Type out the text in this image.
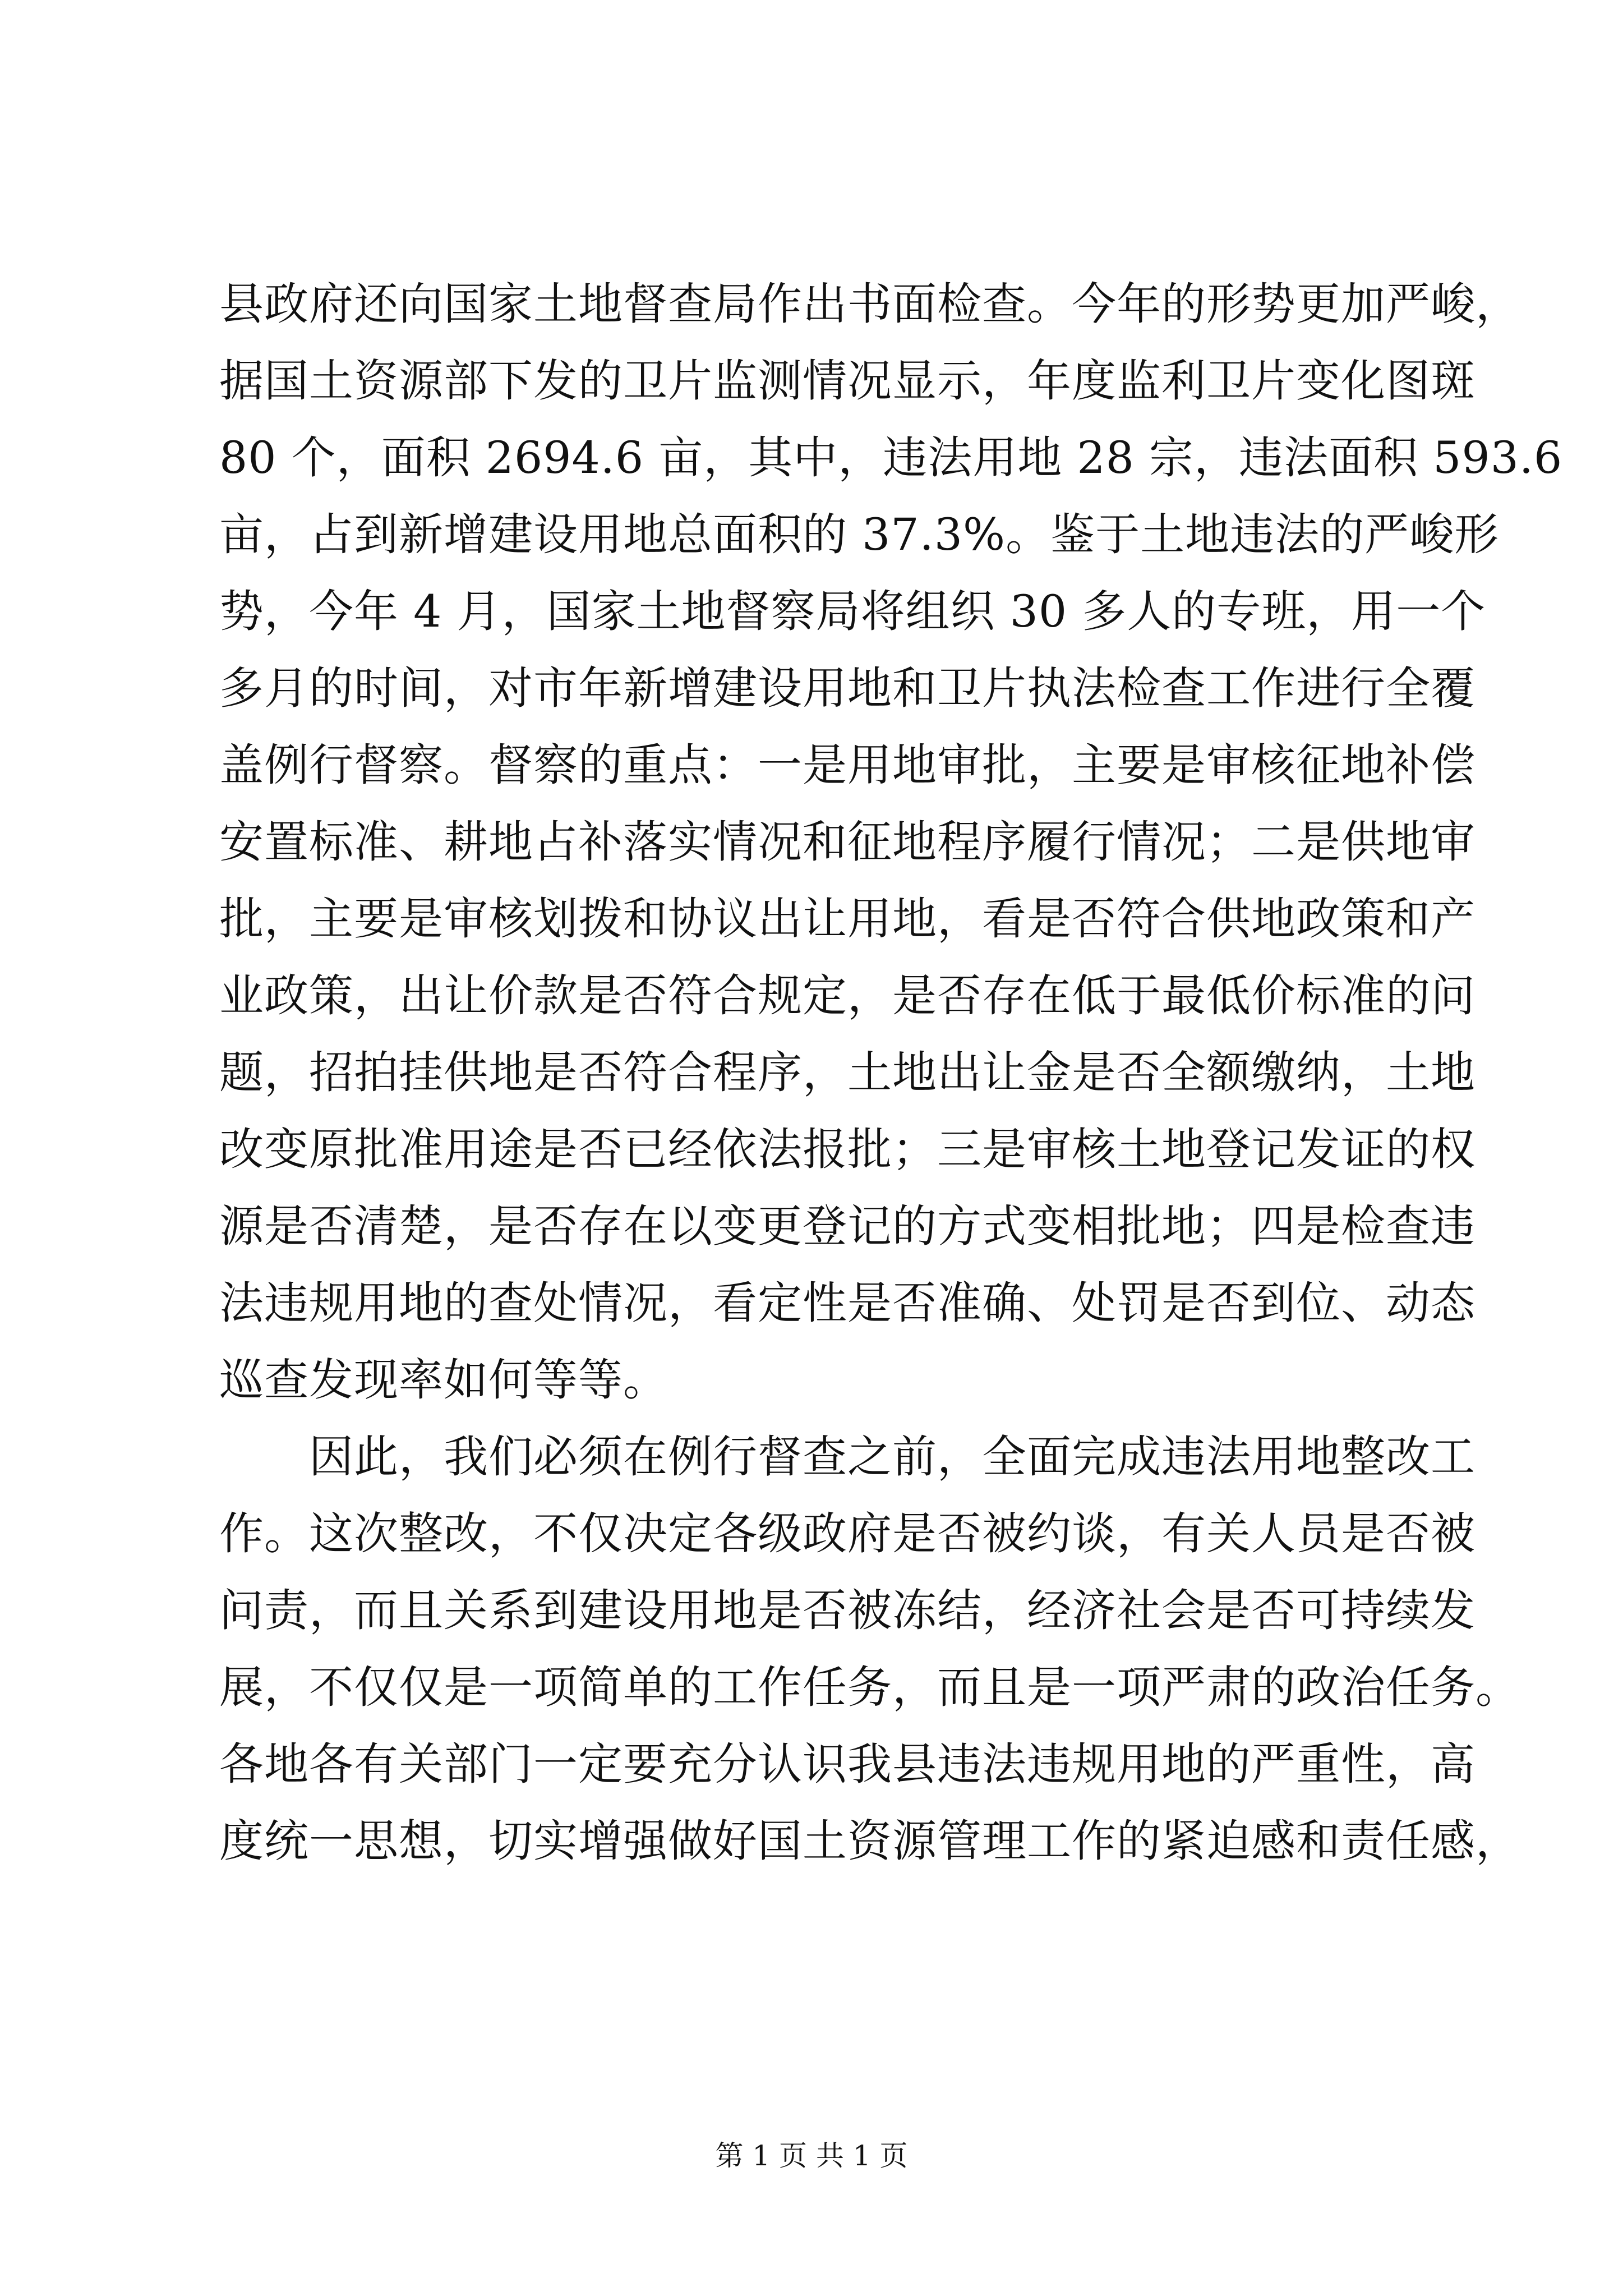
县政府还向国家土地督查局作出书面检查。今年的形势更加严峻，
据国土资源部下发的卫片监测情况显示，年度监利卫片变化图斑
80 个，面积 2694.6 亩，其中，违法用地 28 宗，违法面积 593.6
亩，占到新增建设用地总面积的 37.3%。鉴于土地违法的严峻形
势，今年 4 月，国家土地督察局将组织 30 多人的专班，用一个
多月的时间，对市年新增建设用地和卫片执法检查工作进行全覆
盖例行督察。督察的重点：一是用地审批，主要是审核征地补偿
安置标准、耕地占补落实情况和征地程序履行情况；二是供地审
批，主要是审核划拨和协议出让用地，看是否符合供地政策和产
业政策，出让价款是否符合规定，是否存在低于最低价标准的问
题，招拍挂供地是否符合程序，土地出让金是否全额缴纳，土地
改变原批准用途是否已经依法报批；三是审核土地登记发证的权
源是否清楚，是否存在以变更登记的方式变相批地；四是检查违
法违规用地的查处情况，看定性是否准确、处罚是否到位、动态
巡查发现率如何等等。
因此，我们必须在例行督查之前，全面完成违法用地整改工
作。这次整改，不仅决定各级政府是否被约谈，有关人员是否被
问责，而且关系到建设用地是否被冻结，经济社会是否可持续发
展，不仅仅是一项简单的工作任务，而且是一项严肃的政治任务。
各地各有关部门一定要充分认识我县违法违规用地的严重性，高
度统一思想，切实增强做好国土资源管理工作的紧迫感和责任感，
第 1 页 共 1 页
